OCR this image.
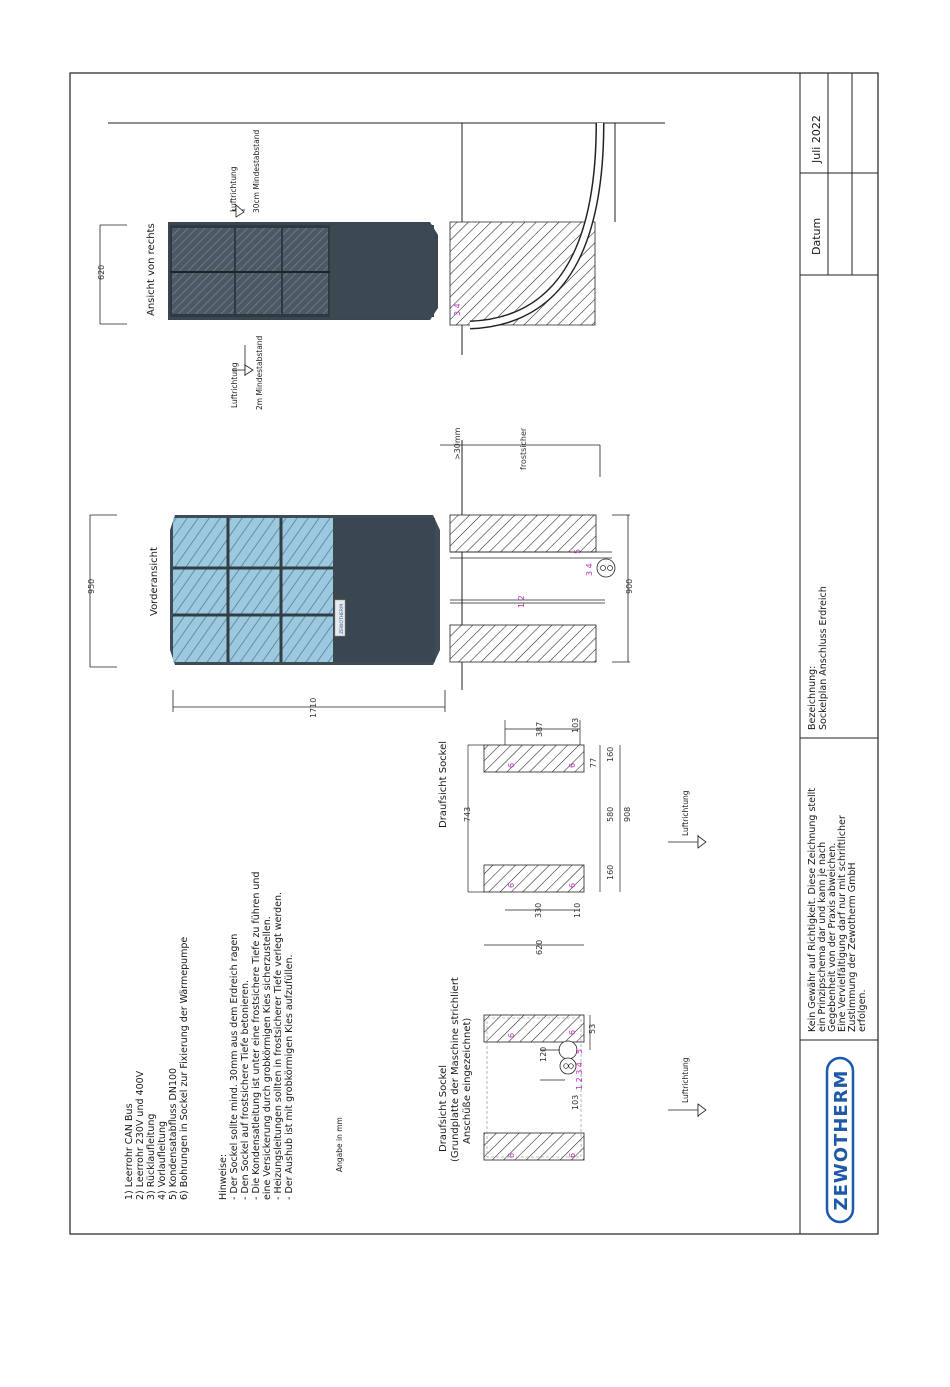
ZEWOTHERM
Kein Gewähr auf Richtigkeit. Diese Zeichnung stellt ein Prinzipschema dar und kann je nach Gegebenheit von der Praxis abweichen. Eine Vervielfältigung darf nur mit schriftlicher Zustimmung der Zewotherm GmbH erfolgen.
Bezeichnung: Sockelplan Anschluss Erdreich
Datum
Juli 2022
1) Leerrohr CAN Bus 2) Leerrohr 230V und 400V 3) Rücklaufleitung 4) Vorlaufleitung 5) Kondensatabfluss DN100 6) Bohrungen in Sockel zur Fixierung der Wärmepumpe	Hinweise: - Der Sockel sollte mind. 30mm aus dem Erdreich ragen - Den Sockel auf frostsichere Tiefe betonieren. - Die Kondensatleitung ist unter eine frostsichere Tiefe zu führen und eine Versickerung durch grobkörmigen Kies sicherzustellen. - Heizungsleitungen sollten in frostsicherer Tiefe verlegt werden. - Der Aushub ist mit grobkörmigen Kies aufzufüllen.	Angabe in mm
ZEWOTHERM
Vorderansicht
950
1710
Ansicht von rechts
620
Luftrichtung 2m Mindestabstand
Luftrichtung 30cm Mindestabstand
3 4
>30mm	frostsicher
5
3 4
1 2
900
Draufsicht Sockel	6	6
6	6
387	103
743
160
77
580 908
160
620
330	110
Luftrichtung
Draufsicht Sockel (Grundplatte der Maschine strichliert Anschüße eingezeichnet)	6
6
6	6
1 2 3 4
5
120
103
53
Luftrichtung
